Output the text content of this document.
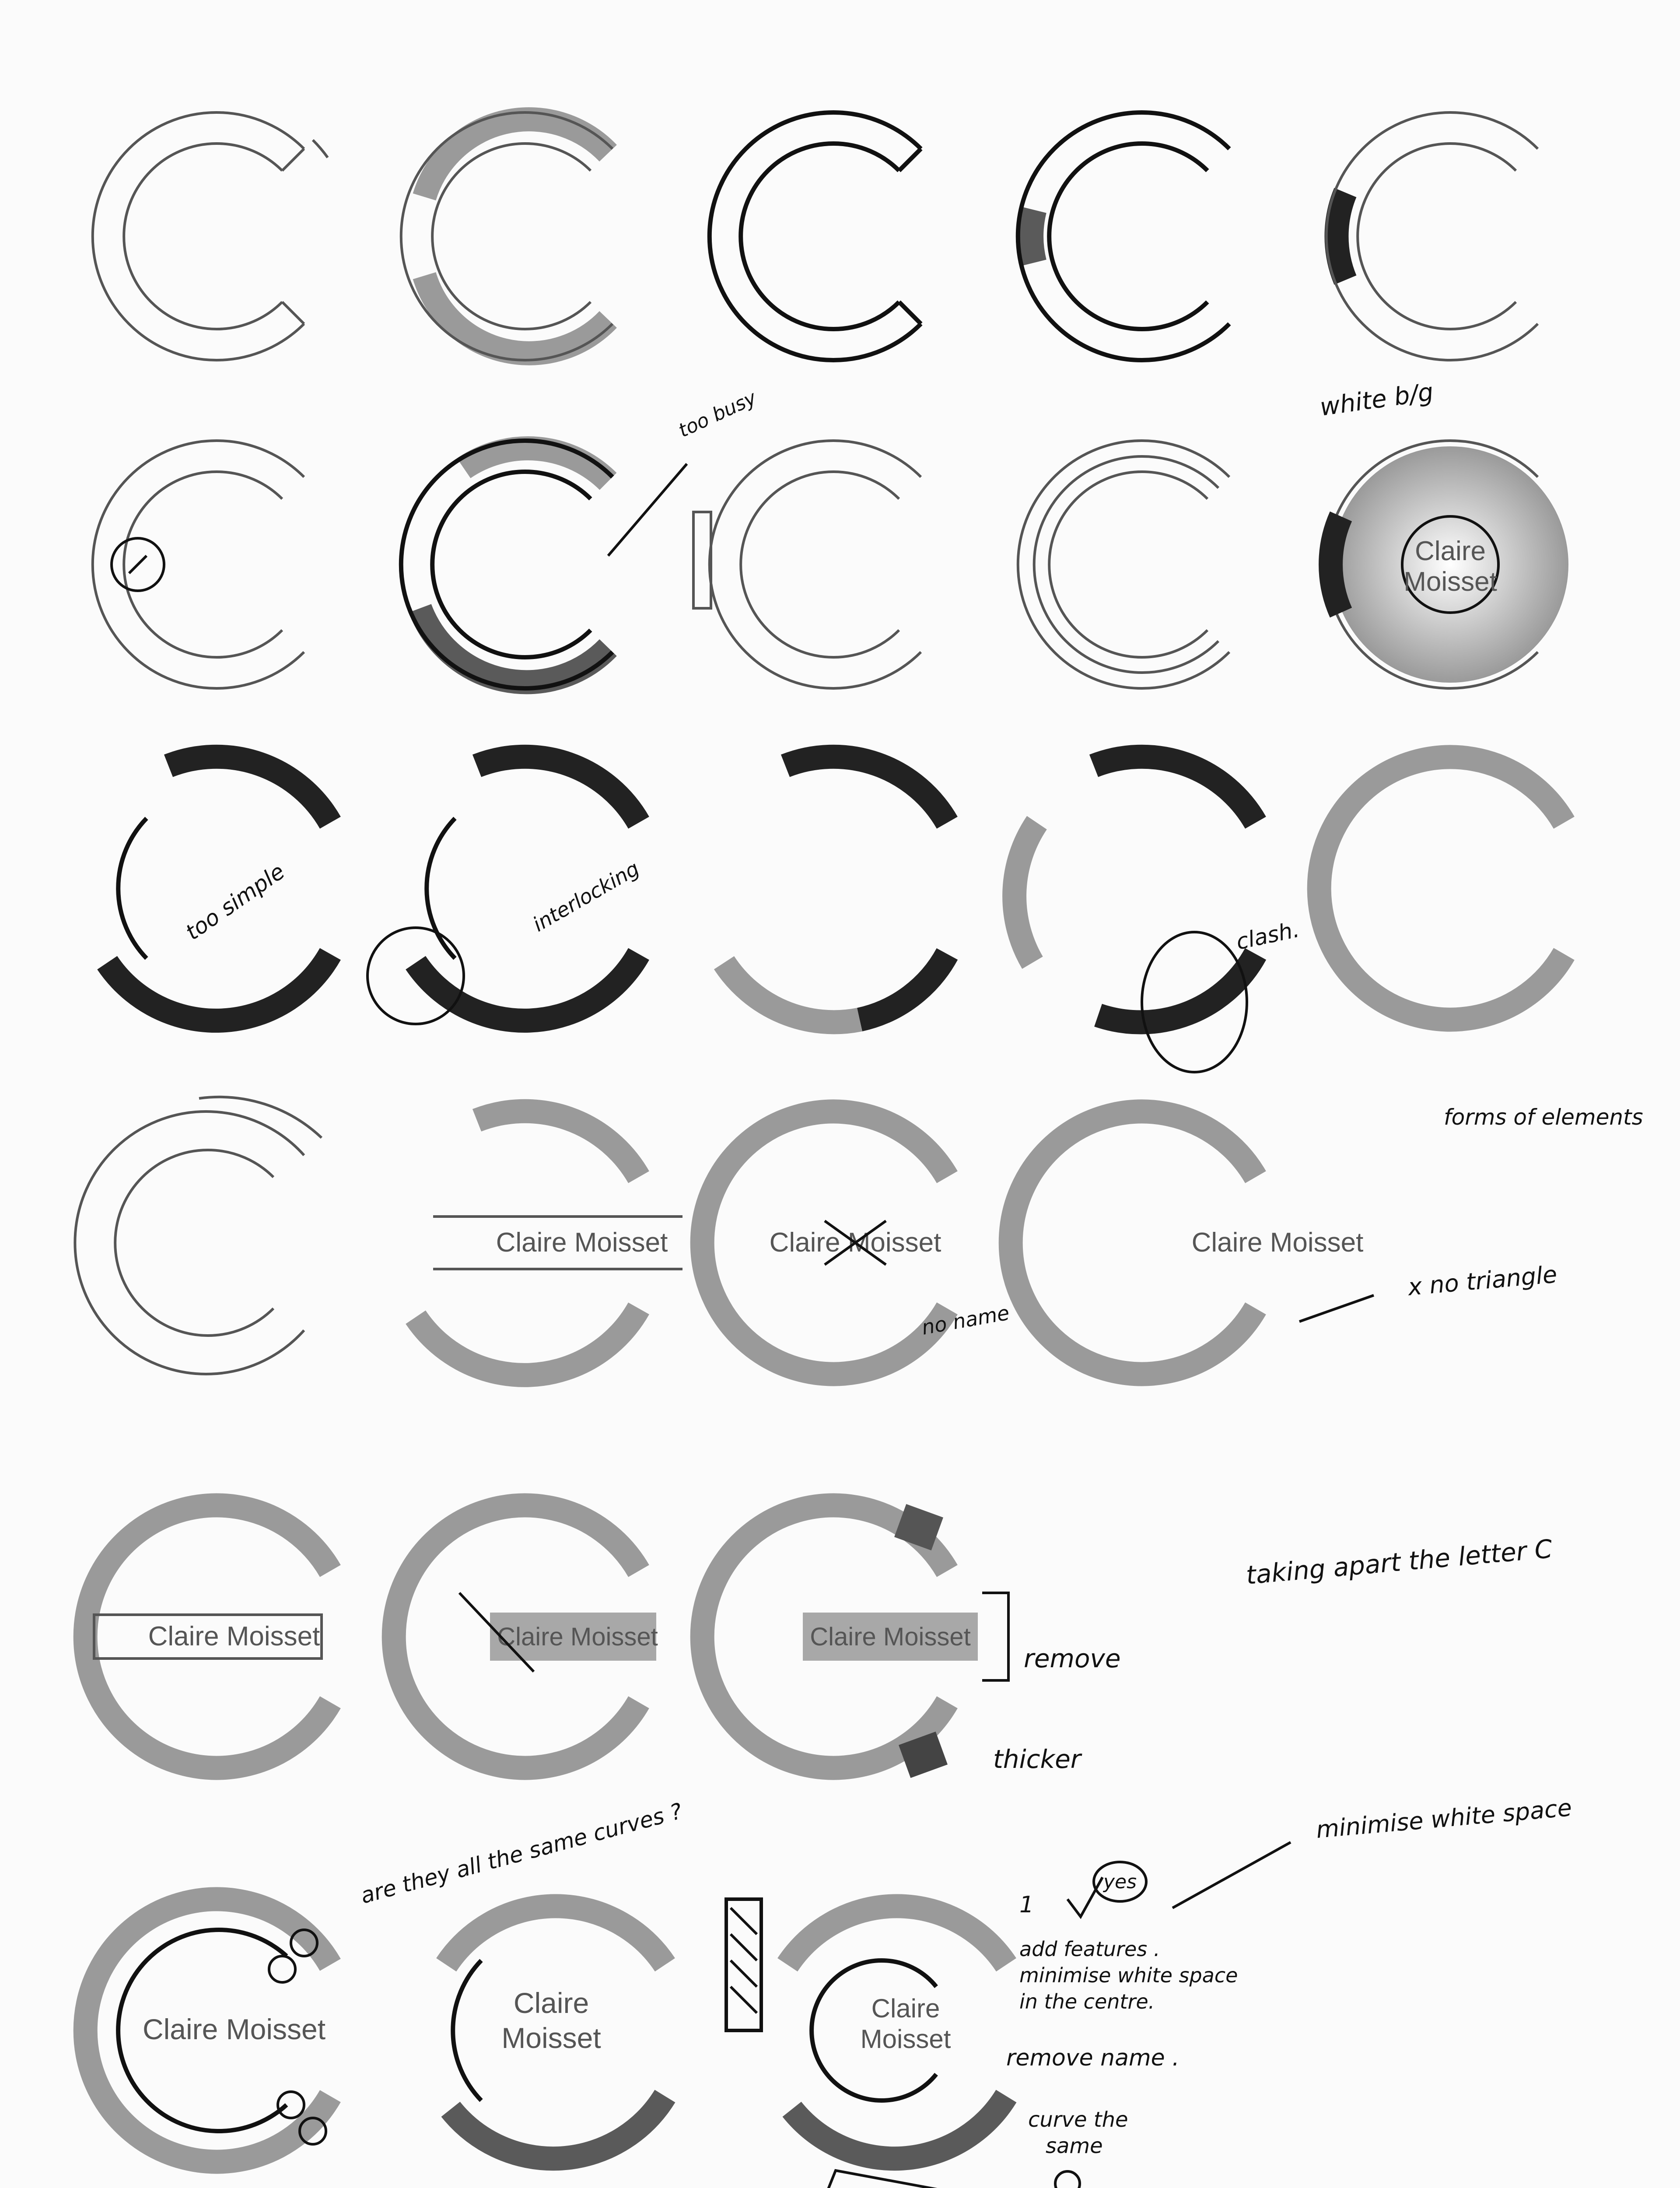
Claire
Moisset
Claire Moisset	Claire Moisset	Claire Moisset
Claire Moisset	Claire Moisset	Claire Moisset
Claire Moisset
Claire
Moisset
Claire
Moisset
too busy	white b/g
too simple	interlocking	clash.
forms of elements
no name
x no triangle
taking apart the letter C
remove
thicker
minimise white space
are they all the same curves ?	1
yes
add features .
minimise white space
in the centre.
remove name .
curve the
same
